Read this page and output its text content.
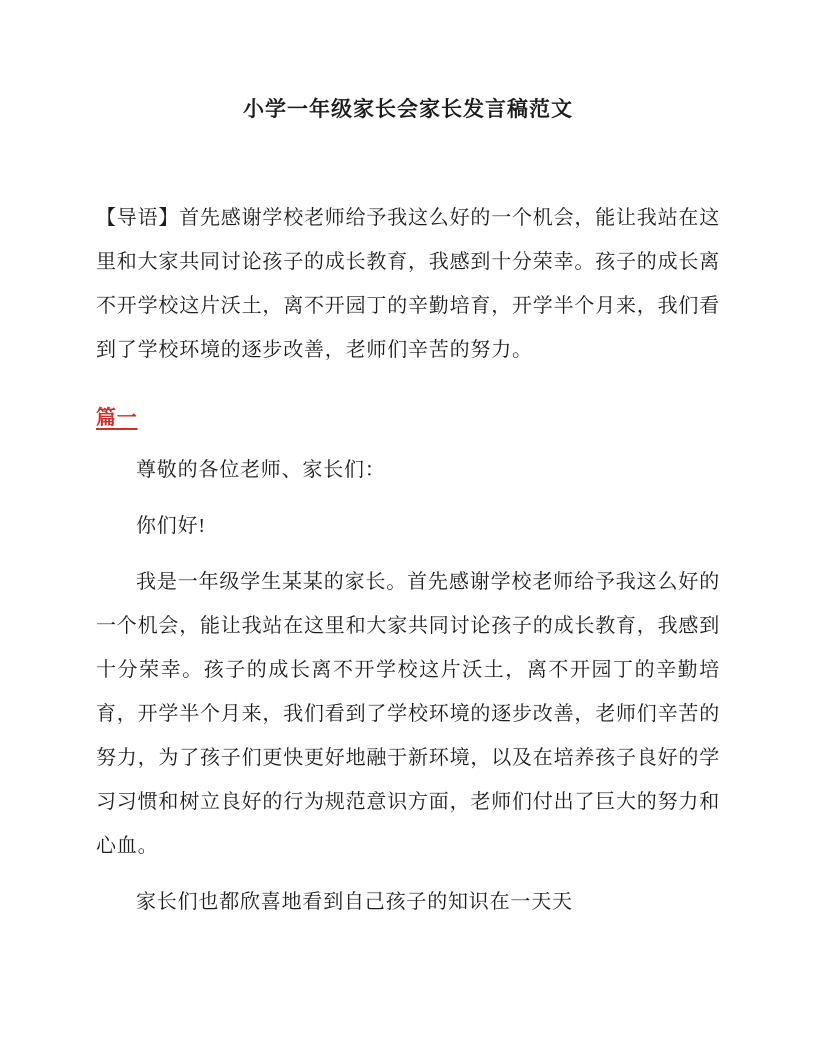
小学一年级家长会家长发言稿范文

【导语】首先感谢学校老师给予我这么好的一个机会，能让我站在这里和大家共同讨论孩子的成长教育，我感到十分荣幸。孩子的成长离不开学校这片沃土，离不开园丁的辛勤培育，开学半个月来，我们看到了学校环境的逐步改善，老师们辛苦的努力。

篇一

尊敬的各位老师、家长们：

你们好!

我是一年级学生某某的家长。首先感谢学校老师给予我这么好的一个机会，能让我站在这里和大家共同讨论孩子的成长教育，我感到十分荣幸。孩子的成长离不开学校这片沃土，离不开园丁的辛勤培育，开学半个月来，我们看到了学校环境的逐步改善，老师们辛苦的努力，为了孩子们更快更好地融于新环境，以及在培养孩子良好的学习习惯和树立良好的行为规范意识方面，老师们付出了巨大的努力和心血。

家长们也都欣喜地看到自己孩子的知识在一天天
